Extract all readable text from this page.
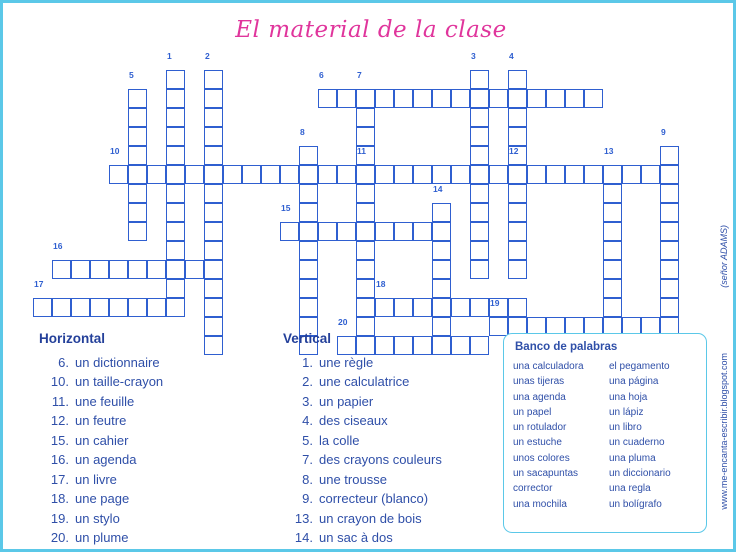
El material de la clase
1	2	3	4
5	6	7
8	9
10	11	12	13
14
15
16
17	18
19
20
Horizontal
6. un dictionnaire
10. un taille-crayon
11. une feuille
12. un feutre
15. un cahier
16. un agenda
17. un livre
18. une page
19. un stylo
20. un plume
Vertical
1. une règle
2. une calculatrice
3. un papier
4. des ciseaux
5. la colle
7. des crayons couleurs
8. une trousse
9. correcteur (blanco)
13. un crayon de bois
14. un sac à dos
Banco de palabras
una calculadora
unas tijeras
una agenda
un papel
un rotulador
un estuche
unos colores
un sacapuntas
corrector
una mochila
el pegamento
una página
una hoja
un lápiz
un libro
un cuaderno
una pluma
un diccionario
una regla
un bolígrafo
(señor ADAMS)
www.me-encanta-escribir.blogspot.com
